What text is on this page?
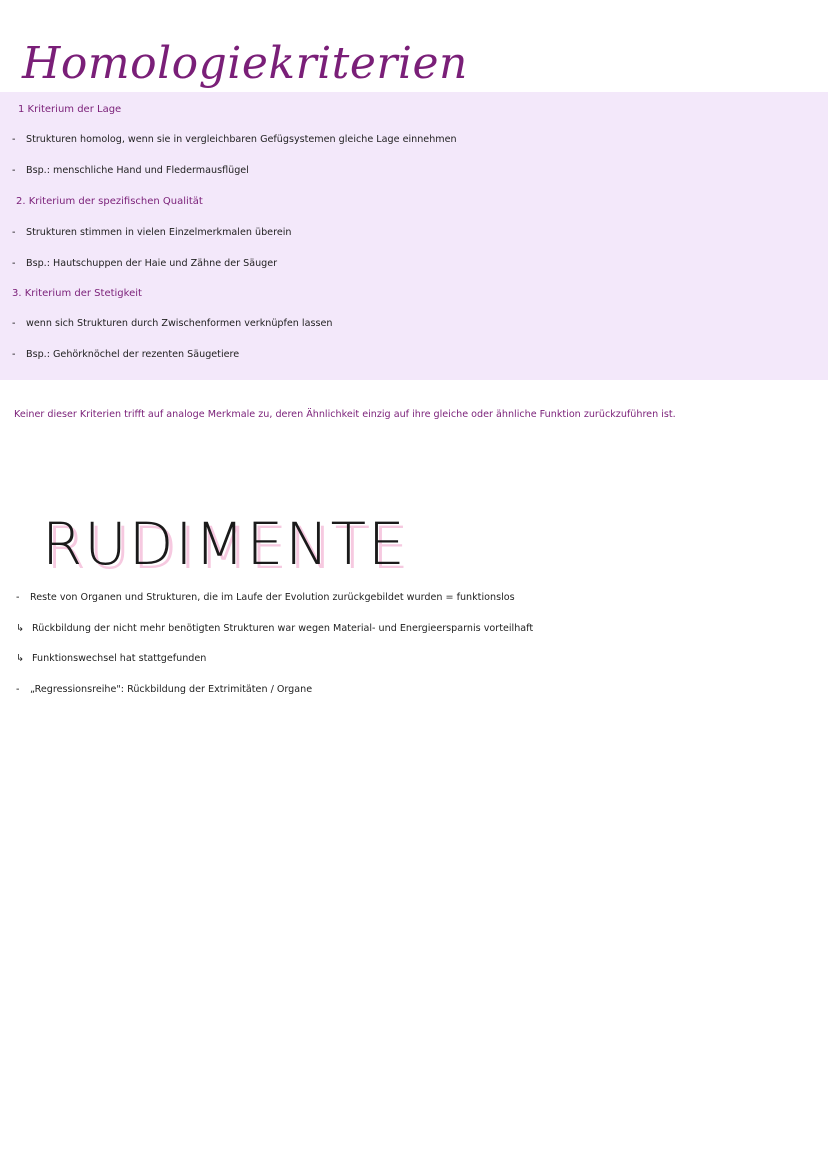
Homologiekriterien
1 Kriterium der Lage
- Strukturen homolog, wenn sie in vergleichbaren Gefügsystemen gleiche Lage einnehmen
- Bsp.: menschliche Hand und Fledermausflügel
2. Kriterium der spezifischen Qualität
- Strukturen stimmen in vielen Einzelmerkmalen überein
- Bsp.: Hautschuppen der Haie und Zähne der Säuger
3. Kriterium der Stetigkeit
- wenn sich Strukturen durch Zwischenformen verknüpfen lassen
- Bsp.: Gehörknöchel der rezenten Säugetiere
Keiner dieser Kriterien trifft auf analoge Merkmale zu, deren Ähnlichkeit einzig auf ihre gleiche oder ähnliche Funktion zurückzuführen ist.
RUDIMENTE
- Reste von Organen und Strukturen, die im Laufe der Evolution zurückgebildet wurden = funktionslos
↳ Rückbildung der nicht mehr benötigten Strukturen war wegen Material- und Energieersparnis vorteilhaft
↳ Funktionswechsel hat stattgefunden
- „Regressionsreihe": Rückbildung der Extrimitäten / Organe
